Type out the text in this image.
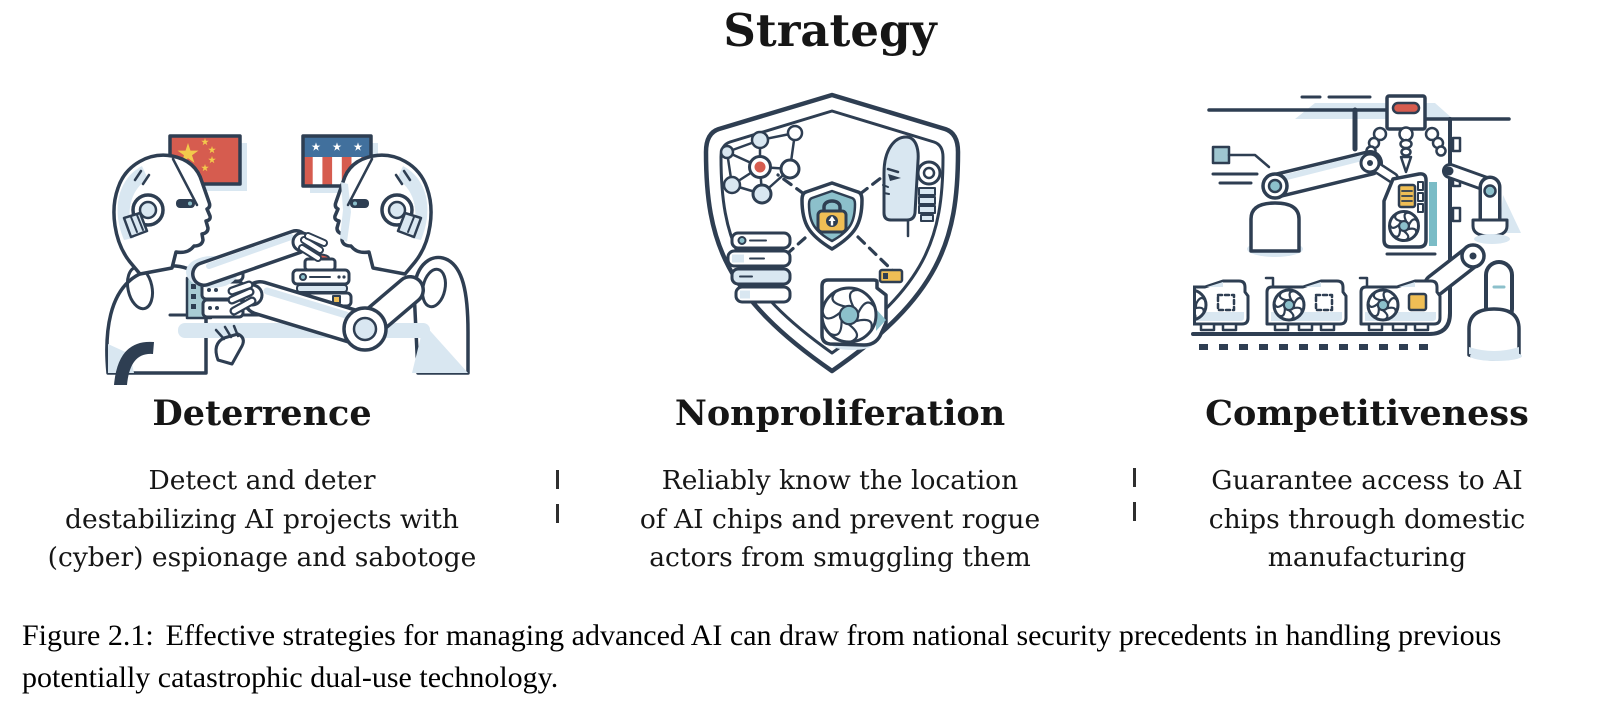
Strategy
Deterrence	Nonproliferation	Competitiveness
Detect and deter
destabilizing AI projects with
(cyber) espionage and sabotoge
Reliably know the location
of AI chips and prevent rogue
actors from smuggling them
Guarantee access to AI
chips through domestic
manufacturing
Figure 2.1: Effective strategies for managing advanced AI can draw from national security precedents in handling previous potentially catastrophic dual-use technology.
